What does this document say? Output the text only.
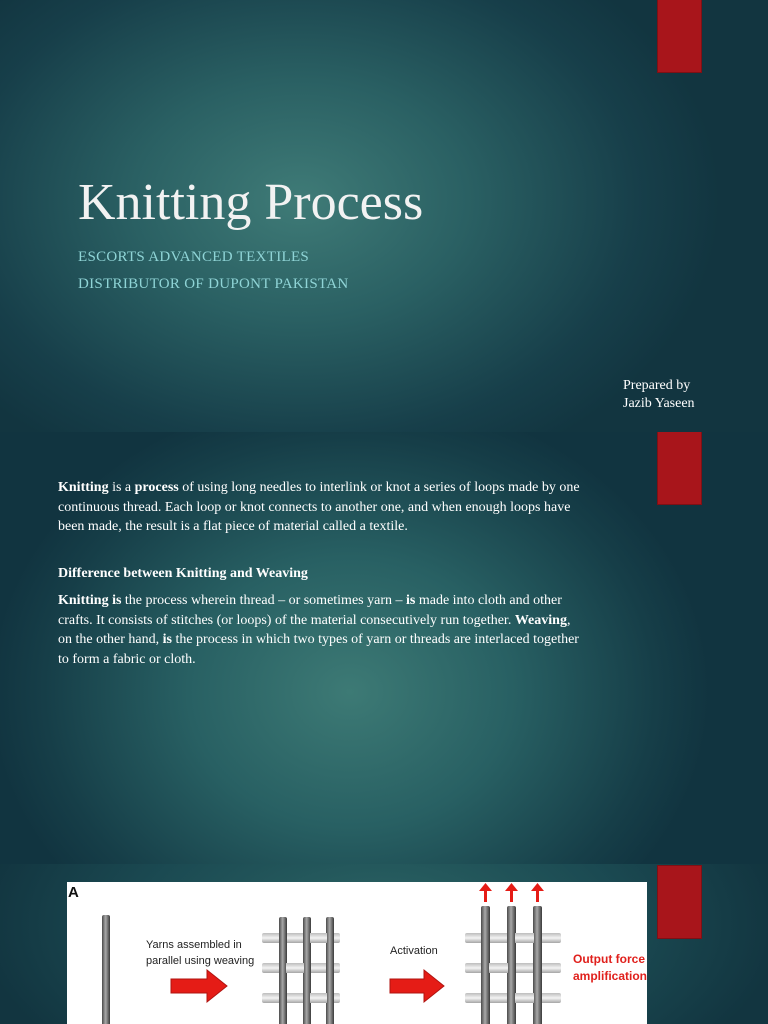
Knitting Process
ESCORTS ADVANCED TEXTILES
DISTRIBUTOR OF DUPONT PAKISTAN
Prepared by
Jazib Yaseen

Knitting is a process of using long needles to interlink or knot a series of loops made by one continuous thread. Each loop or knot connects to another one, and when enough loops have been made, the result is a flat piece of material called a textile.

Difference between Knitting and Weaving

Knitting is the process wherein thread – or sometimes yarn – is made into cloth and other crafts. It consists of stitches (or loops) of the material consecutively run together. Weaving, on the other hand, is the process in which two types of yarn or threads are interlaced together to form a fabric or cloth.

A
Yarns assembled in
parallel using weaving
Activation
Output force
amplification
